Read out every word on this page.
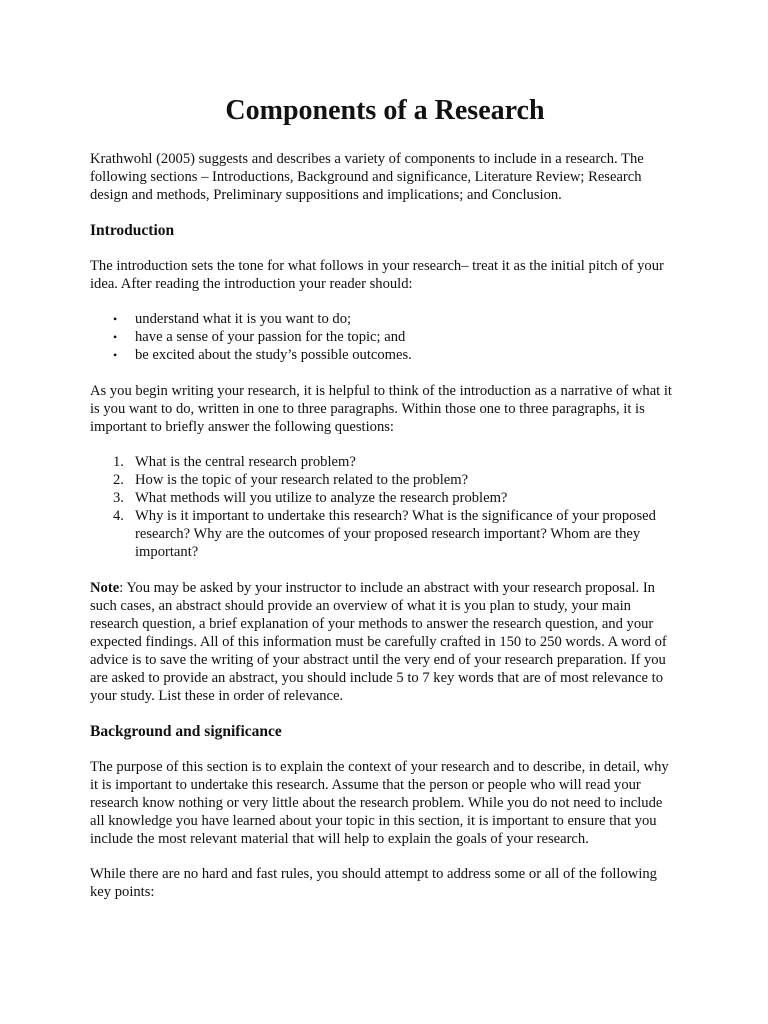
Components of a Research

Krathwohl (2005) suggests and describes a variety of components to include in a research. The following sections – Introductions, Background and significance, Literature Review; Research design and methods, Preliminary suppositions and implications; and Conclusion.

Introduction

The introduction sets the tone for what follows in your research– treat it as the initial pitch of your idea. After reading the introduction your reader should:

• understand what it is you want to do;
• have a sense of your passion for the topic; and
• be excited about the study’s possible outcomes.

As you begin writing your research, it is helpful to think of the introduction as a narrative of what it is you want to do, written in one to three paragraphs. Within those one to three paragraphs, it is important to briefly answer the following questions:

1. What is the central research problem?
2. How is the topic of your research related to the problem?
3. What methods will you utilize to analyze the research problem?
4. Why is it important to undertake this research? What is the significance of your proposed research? Why are the outcomes of your proposed research important? Whom are they important?

Note: You may be asked by your instructor to include an abstract with your research proposal. In such cases, an abstract should provide an overview of what it is you plan to study, your main research question, a brief explanation of your methods to answer the research question, and your expected findings. All of this information must be carefully crafted in 150 to 250 words. A word of advice is to save the writing of your abstract until the very end of your research preparation. If you are asked to provide an abstract, you should include 5 to 7 key words that are of most relevance to your study. List these in order of relevance.

Background and significance

The purpose of this section is to explain the context of your research and to describe, in detail, why it is important to undertake this research. Assume that the person or people who will read your research know nothing or very little about the research problem. While you do not need to include all knowledge you have learned about your topic in this section, it is important to ensure that you include the most relevant material that will help to explain the goals of your research.

While there are no hard and fast rules, you should attempt to address some or all of the following key points:
